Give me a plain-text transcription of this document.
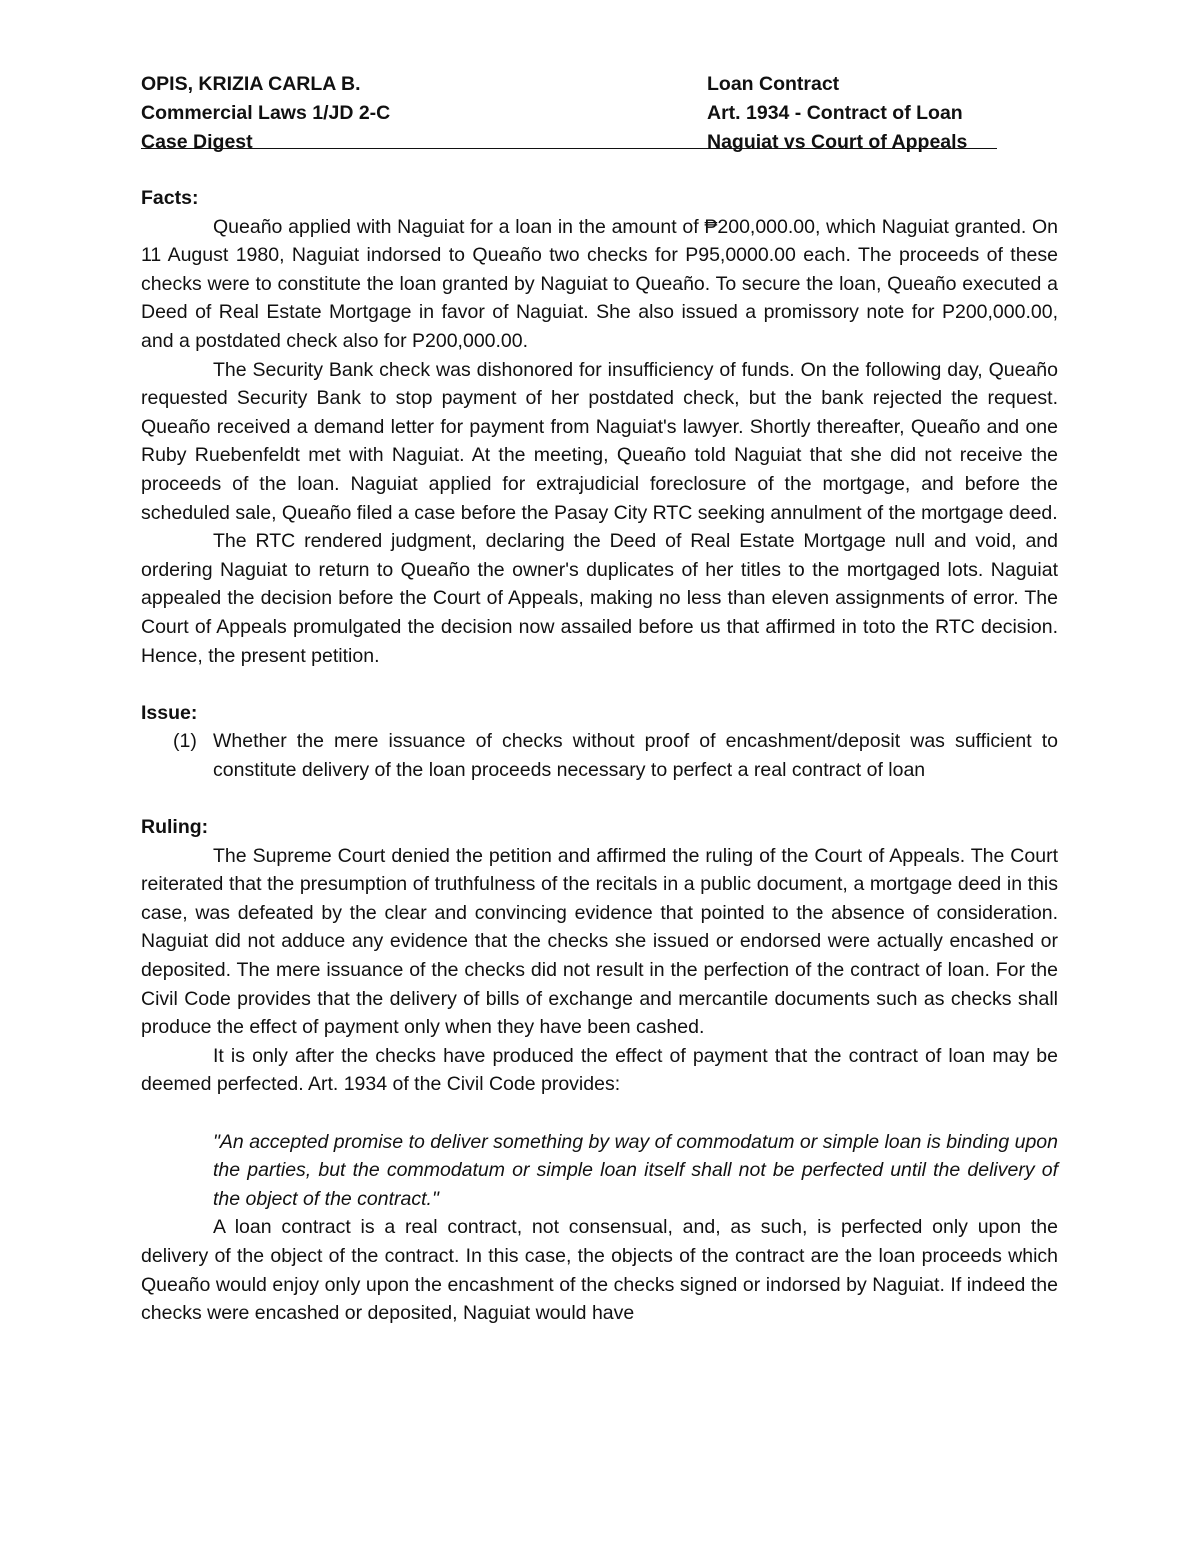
OPIS, KRIZIA CARLA B.	Loan Contract
Commercial Laws 1/JD 2-C	Art. 1934 - Contract of Loan
Case Digest	Naguiat vs Court of Appeals

Facts:

Queaño applied with Naguiat for a loan in the amount of ₱200,000.00, which Naguiat granted. On 11 August 1980, Naguiat indorsed to Queaño two checks for P95,0000.00 each. The proceeds of these checks were to constitute the loan granted by Naguiat to Queaño. To secure the loan, Queaño executed a Deed of Real Estate Mortgage in favor of Naguiat. She also issued a promissory note for P200,000.00, and a postdated check also for P200,000.00.

The Security Bank check was dishonored for insufficiency of funds. On the following day, Queaño requested Security Bank to stop payment of her postdated check, but the bank rejected the request. Queaño received a demand letter for payment from Naguiat's lawyer. Shortly thereafter, Queaño and one Ruby Ruebenfeldt met with Naguiat. At the meeting, Queaño told Naguiat that she did not receive the proceeds of the loan. Naguiat applied for extrajudicial foreclosure of the mortgage, and before the scheduled sale, Queaño filed a case before the Pasay City RTC seeking annulment of the mortgage deed.

The RTC rendered judgment, declaring the Deed of Real Estate Mortgage null and void, and ordering Naguiat to return to Queaño the owner's duplicates of her titles to the mortgaged lots. Naguiat appealed the decision before the Court of Appeals, making no less than eleven assignments of error. The Court of Appeals promulgated the decision now assailed before us that affirmed in toto the RTC decision. Hence, the present petition.

Issue:

(1) Whether the mere issuance of checks without proof of encashment/deposit was sufficient to constitute delivery of the loan proceeds necessary to perfect a real contract of loan

Ruling:

The Supreme Court denied the petition and affirmed the ruling of the Court of Appeals. The Court reiterated that the presumption of truthfulness of the recitals in a public document, a mortgage deed in this case, was defeated by the clear and convincing evidence that pointed to the absence of consideration. Naguiat did not adduce any evidence that the checks she issued or endorsed were actually encashed or deposited. The mere issuance of the checks did not result in the perfection of the contract of loan. For the Civil Code provides that the delivery of bills of exchange and mercantile documents such as checks shall produce the effect of payment only when they have been cashed.

It is only after the checks have produced the effect of payment that the contract of loan may be deemed perfected. Art. 1934 of the Civil Code provides:

"An accepted promise to deliver something by way of commodatum or simple loan is binding upon the parties, but the commodatum or simple loan itself shall not be perfected until the delivery of the object of the contract."

A loan contract is a real contract, not consensual, and, as such, is perfected only upon the delivery of the object of the contract. In this case, the objects of the contract are the loan proceeds which Queaño would enjoy only upon the encashment of the checks signed or indorsed by Naguiat. If indeed the checks were encashed or deposited, Naguiat would have
